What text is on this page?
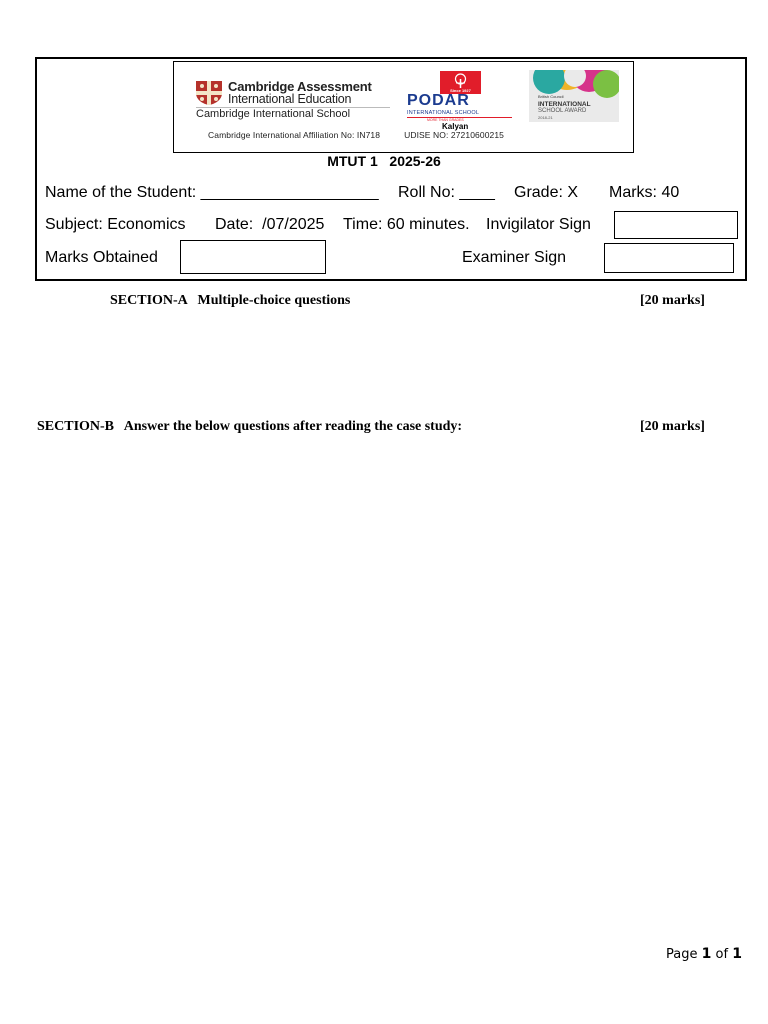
Cambridge Assessment
International Education
Cambridge International School
Since 1927
PODAR
INTERNATIONAL SCHOOL
MORE THAN GRADES
Kalyan
British Council
INTERNATIONAL
SCHOOL AWARD
2018-21
Cambridge International Affiliation No: IN718	UDISE NO: 27210600215
MTUT 1   2025-26
Name of the Student: ____________________ Roll No: ____ Grade: X Marks: 40
Subject: Economics Date:  /07/2025 Time: 60 minutes. Invigilator Sign
Marks Obtained	Examiner Sign
SECTION-A   Multiple-choice questions	[20 marks]
SECTION-B   Answer the below questions after reading the case study:	[20 marks]
Page 1 of 1
